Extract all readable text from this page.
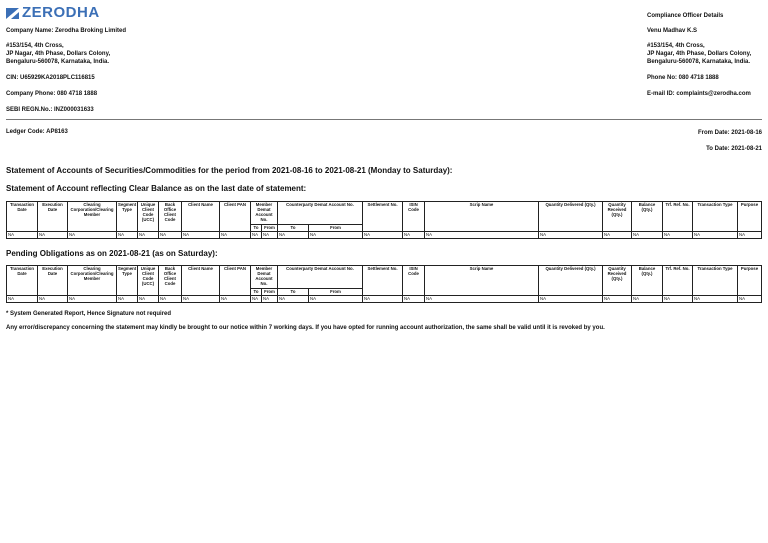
ZERODHA
Company Name: Zerodha Broking Limited
#153/154, 4th Cross,
JP Nagar, 4th Phase, Dollars Colony,
Bengaluru-560078, Karnataka, India.
CIN: U65929KA2018PLC116815
Company Phone: 080 4718 1888
SEBI REGN.No.: INZ000031633
Compliance Officer Details
Venu Madhav K.S
#153/154, 4th Cross,
JP Nagar, 4th Phase, Dollars Colony,
Bengaluru-560078, Karnataka, India.
Phone No: 080 4718 1888
E-mail ID: complaints@zerodha.com
Ledger Code: AP8163	From Date: 2021-08-16
To Date: 2021-08-21
Statement of Accounts of Securities/Commodities for the period from 2021-08-16 to 2021-08-21 (Monday to Saturday):
Statement of Account reflecting Clear Balance as on the last date of statement:
Transaction Date	Execution Date	Clearing Corporation/Clearing Member	Segment Type	Unique Client Code (UCC)	Back Office Client Code	Client Name	Client PAN	Member Demat Account No.		Counterparty Demat Account No.		Settlement No.	ISIN Code	Scrip Name	Quantity Delivered (Qty.)	Quantity Received (Qty.)	Balance (Qty.)	Trf. Ref. No.	Transaction Type	Purpose
								To	From	To	From									
NA	NA	NA	NA	NA	NA	NA	NA	NA	NA	NA	NA	NA	NA	NA	NA	NA	NA	NA	NA	NA
Pending Obligations as on 2021-08-21 (as on Saturday):
Transaction Date	Execution Date	Clearing Corporation/Clearing Member	Segment Type	Unique Client Code (UCC)	Back Office Client Code	Client Name	Client PAN	Member Demat Account No.		Counterparty Demat Account No.		Settlement No.	ISIN Code	Scrip Name	Quantity Delivered (Qty.)	Quantity Received (Qty.)	Balance (Qty.)	Trf. Ref. No.	Transaction Type	Purpose
								To	From	To	From									
NA	NA	NA	NA	NA	NA	NA	NA	NA	NA	NA	NA	NA	NA	NA	NA	NA	NA	NA	NA	NA
* System Generated Report, Hence Signature not required
Any error/discrepancy concerning the statement may kindly be brought to our notice within 7 working days. If you have opted for running account authorization, the same shall be valid until it is revoked by you.
